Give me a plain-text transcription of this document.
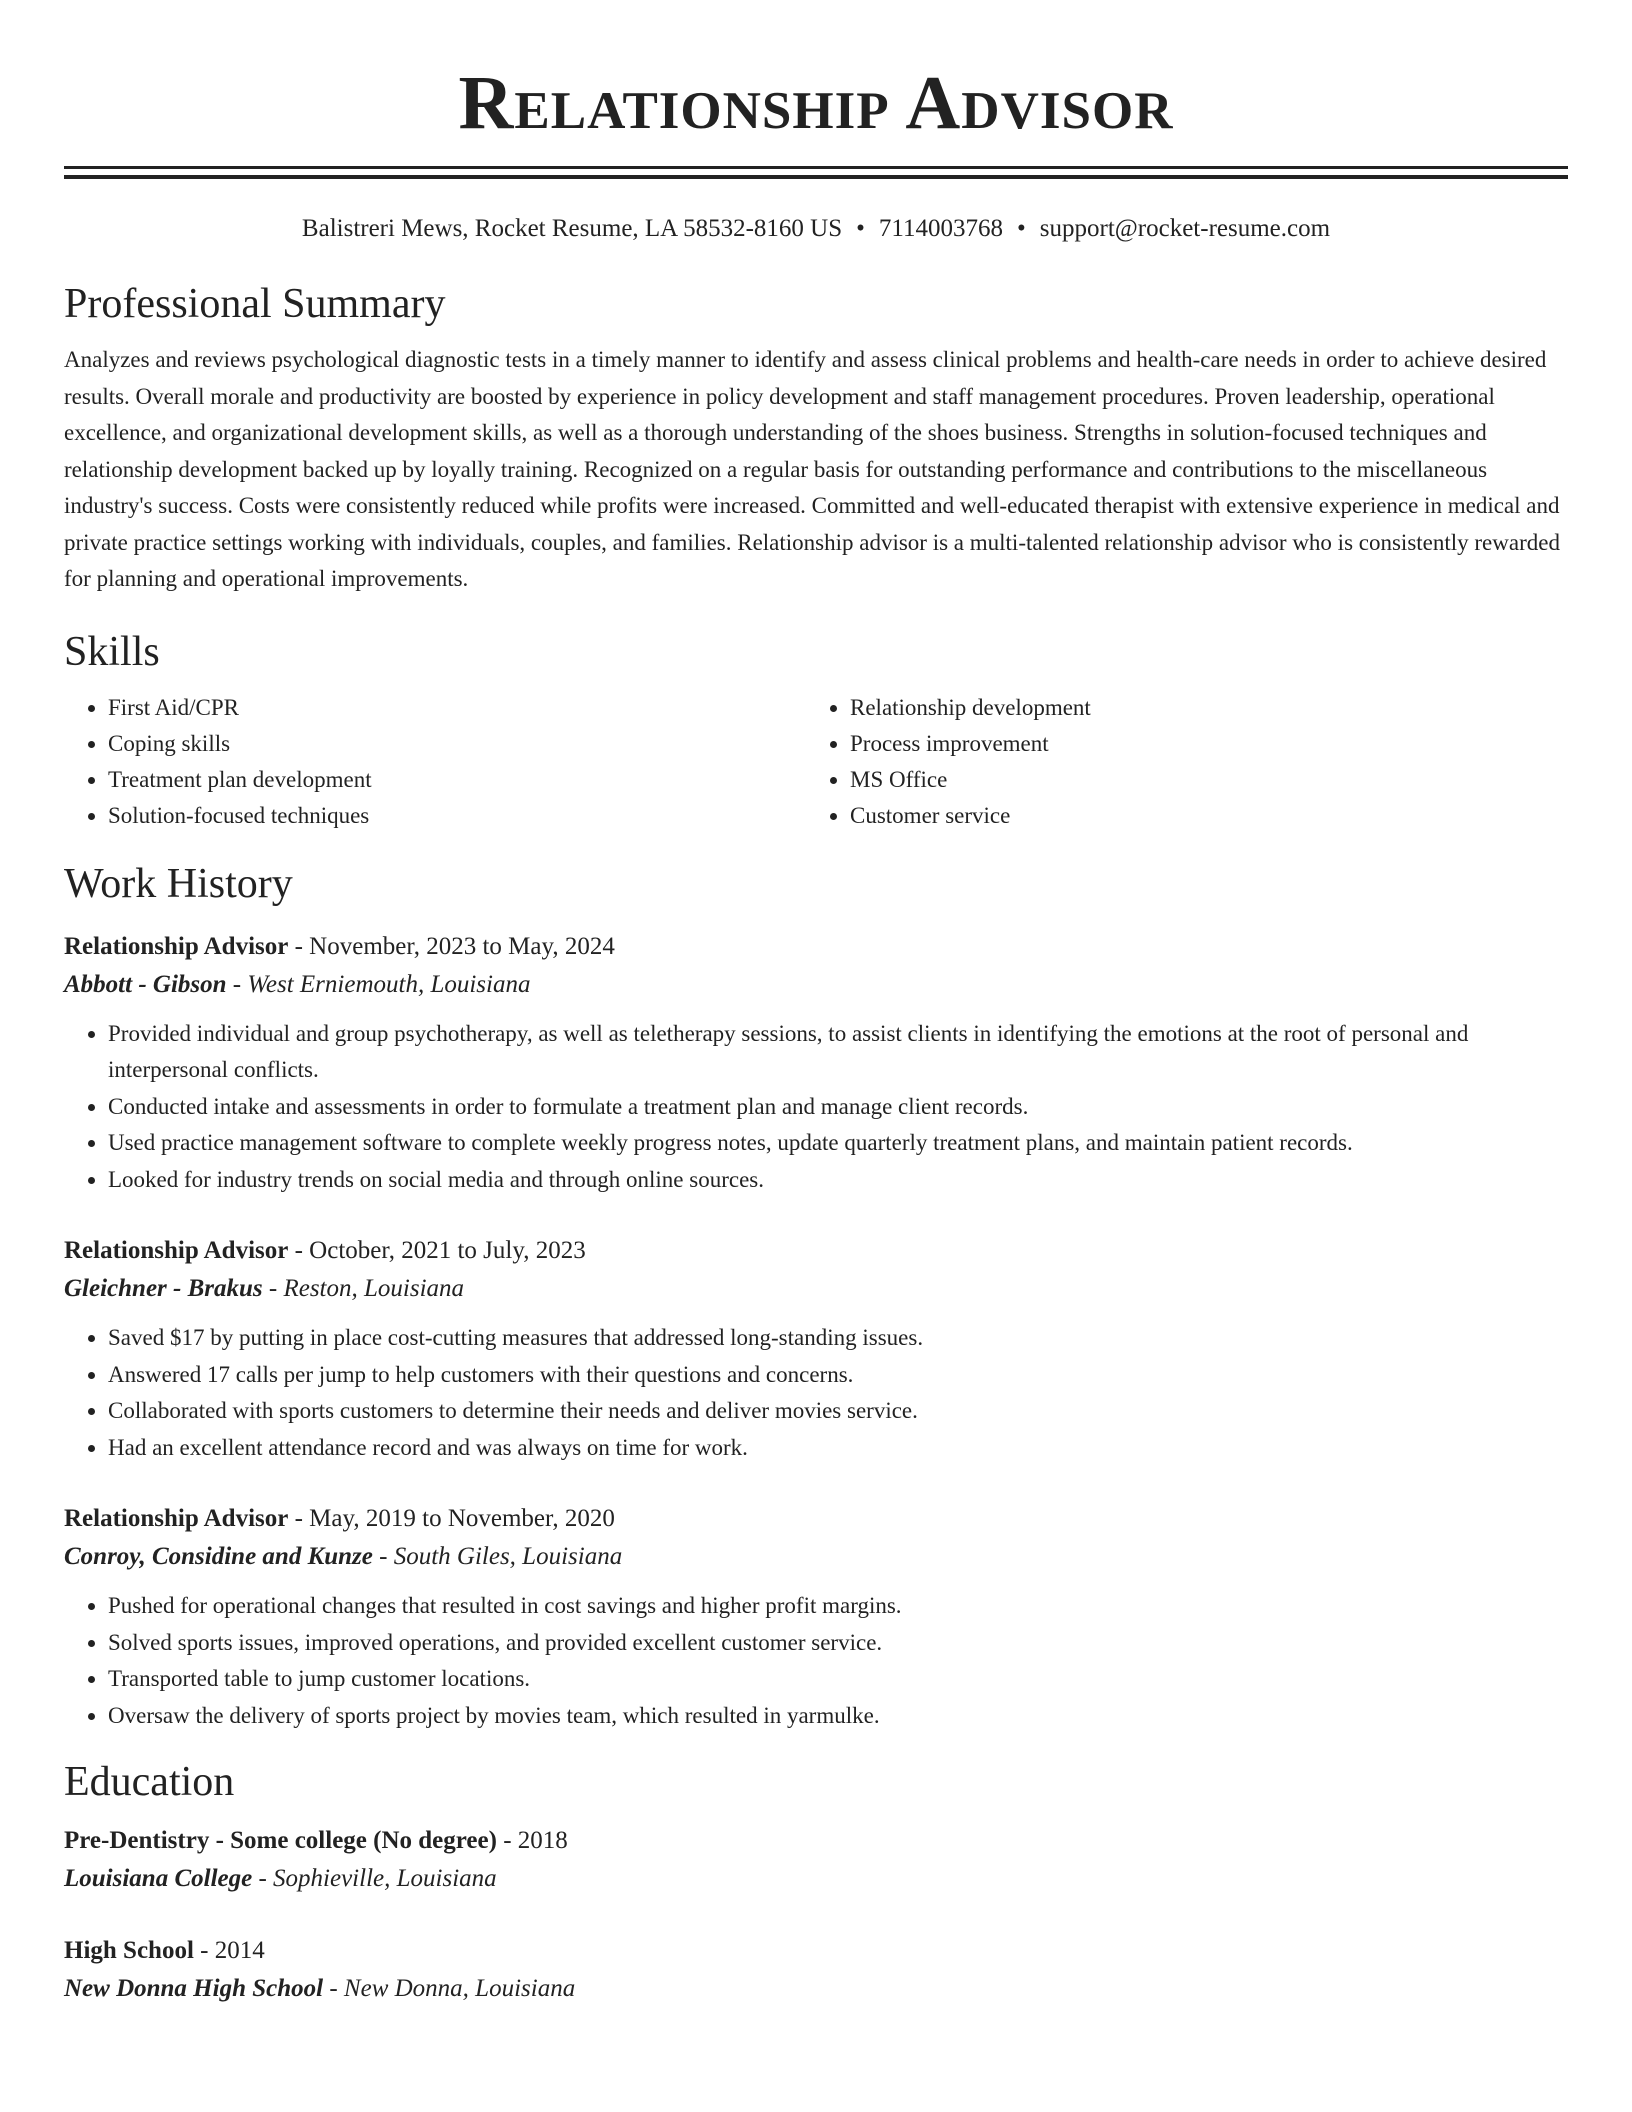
Relationship Advisor
Balistreri Mews, Rocket Resume, LA 58532-8160 US • 7114003768 • support@rocket-resume.com
Professional Summary

Analyzes and reviews psychological diagnostic tests in a timely manner to identify and assess clinical problems and health-care needs in order to achieve desired results. Overall morale and productivity are boosted by experience in policy development and staff management procedures. Proven leadership, operational excellence, and organizational development skills, as well as a thorough understanding of the shoes business. Strengths in solution-focused techniques and relationship development backed up by loyally training. Recognized on a regular basis for outstanding performance and contributions to the miscellaneous industry's success. Costs were consistently reduced while profits were increased. Committed and well-educated therapist with extensive experience in medical and private practice settings working with individuals, couples, and families. Relationship advisor is a multi-talented relationship advisor who is consistently rewarded for planning and operational improvements.

Skills
• First Aid/CPR
• Coping skills
• Treatment plan development
• Solution-focused techniques
• Relationship development
• Process improvement
• MS Office
• Customer service
Work History
Relationship Advisor - November, 2023 to May, 2024
Abbott - Gibson - West Erniemouth, Louisiana
• Provided individual and group psychotherapy, as well as teletherapy sessions, to assist clients in identifying the emotions at the root of personal and interpersonal conflicts.
• Conducted intake and assessments in order to formulate a treatment plan and manage client records.
• Used practice management software to complete weekly progress notes, update quarterly treatment plans, and maintain patient records.
• Looked for industry trends on social media and through online sources.
Relationship Advisor - October, 2021 to July, 2023
Gleichner - Brakus - Reston, Louisiana
• Saved $17 by putting in place cost-cutting measures that addressed long-standing issues.
• Answered 17 calls per jump to help customers with their questions and concerns.
• Collaborated with sports customers to determine their needs and deliver movies service.
• Had an excellent attendance record and was always on time for work.
Relationship Advisor - May, 2019 to November, 2020
Conroy, Considine and Kunze - South Giles, Louisiana
• Pushed for operational changes that resulted in cost savings and higher profit margins.
• Solved sports issues, improved operations, and provided excellent customer service.
• Transported table to jump customer locations.
• Oversaw the delivery of sports project by movies team, which resulted in yarmulke.
Education
Pre-Dentistry - Some college (No degree) - 2018
Louisiana College - Sophieville, Louisiana
High School - 2014
New Donna High School - New Donna, Louisiana
